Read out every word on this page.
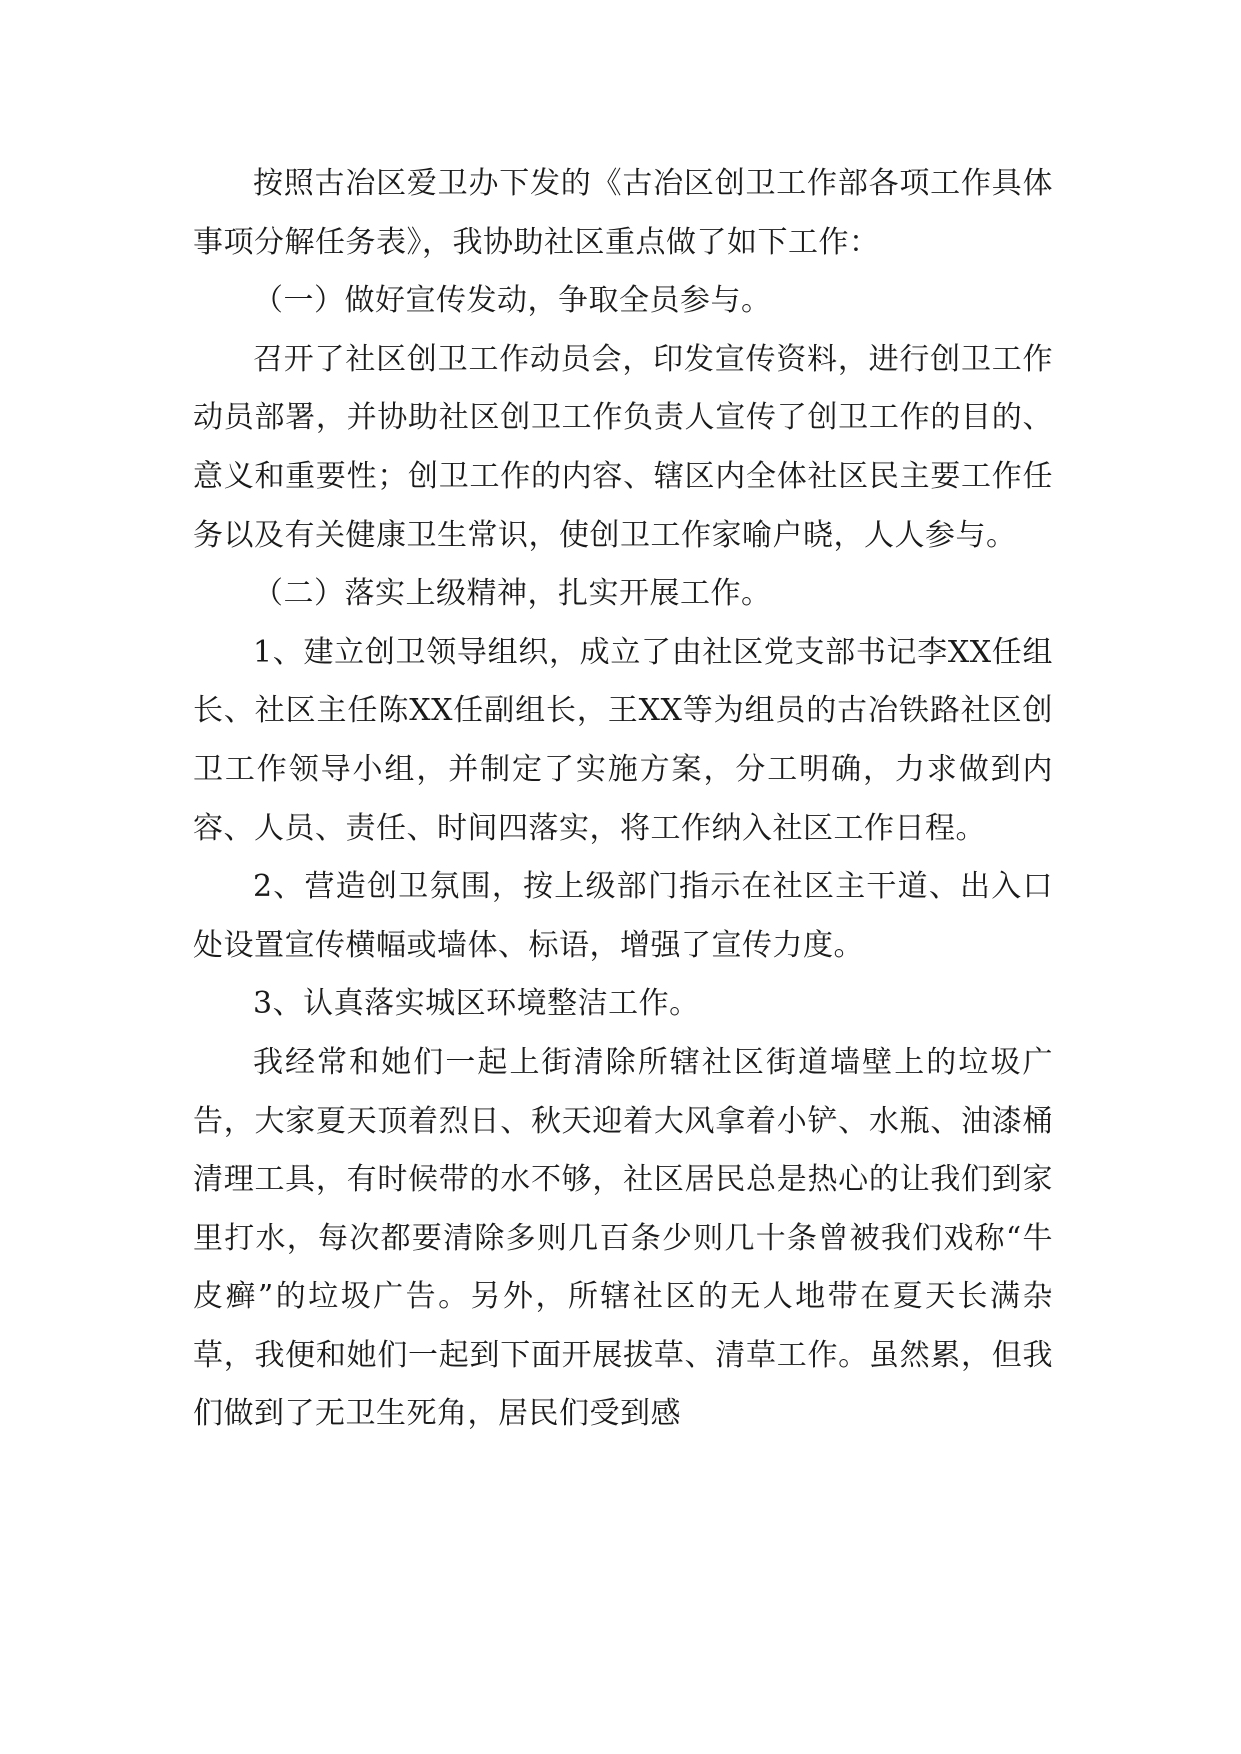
按照古冶区爱卫办下发的《古冶区创卫工作部各项工作具体事项分解任务表》，我协助社区重点做了如下工作：

（一）做好宣传发动，争取全员参与。

召开了社区创卫工作动员会，印发宣传资料，进行创卫工作动员部署，并协助社区创卫工作负责人宣传了创卫工作的目的、意义和重要性；创卫工作的内容、辖区内全体社区民主要工作任务以及有关健康卫生常识，使创卫工作家喻户晓，人人参与。

（二）落实上级精神，扎实开展工作。

1、建立创卫领导组织，成立了由社区党支部书记李XX任组长、社区主任陈XX任副组长，王XX等为组员的古冶铁路社区创卫工作领导小组，并制定了实施方案，分工明确，力求做到内容、人员、责任、时间四落实，将工作纳入社区工作日程。

2、营造创卫氛围，按上级部门指示在社区主干道、出入口处设置宣传横幅或墙体、标语，增强了宣传力度。

3、认真落实城区环境整洁工作。

我经常和她们一起上街清除所辖社区街道墙壁上的垃圾广告，大家夏天顶着烈日、秋天迎着大风拿着小铲、水瓶、油漆桶清理工具，有时候带的水不够，社区居民总是热心的让我们到家里打水，每次都要清除多则几百条少则几十条曾被我们戏称“牛皮癣”的垃圾广告。另外，所辖社区的无人地带在夏天长满杂草，我便和她们一起到下面开展拔草、清草工作。虽然累，但我们做到了无卫生死角，居民们受到感
